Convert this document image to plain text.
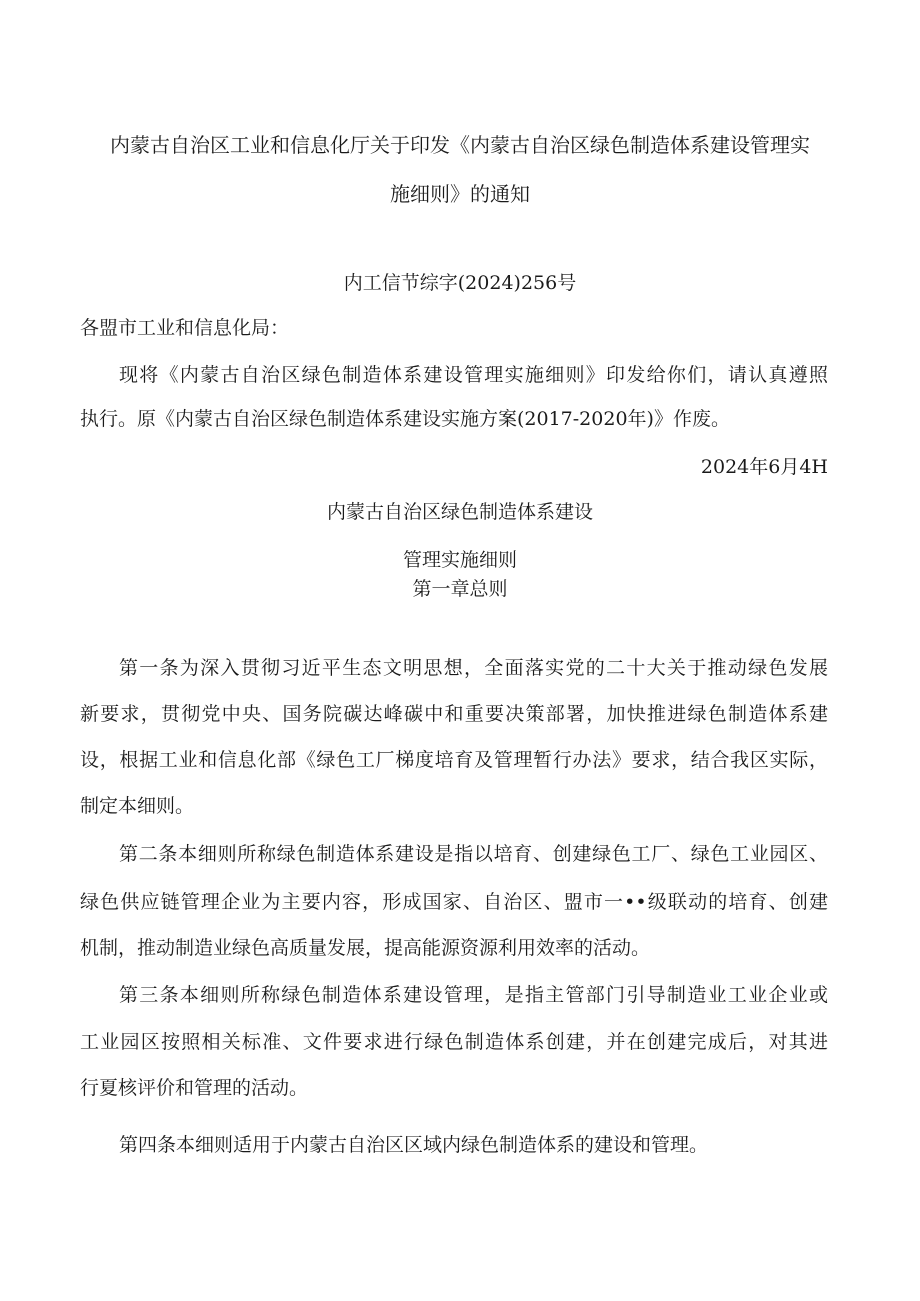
内蒙古自治区工业和信息化厅关于印发《内蒙古自治区绿色制造体系建设管理实
施细则》的通知
内工信节综字(2024)256号
各盟市工业和信息化局：
现将《内蒙古自治区绿色制造体系建设管理实施细则》印发给你们，请认真遵照
执行。原《内蒙古自治区绿色制造体系建设实施方案(2017-2020年)》作废。
2024年6月4H
内蒙古自治区绿色制造体系建设
管理实施细则
第一章总则
第一条为深入贯彻习近平生态文明思想，全面落实党的二十大关于推动绿色发展
新要求，贯彻党中央、国务院碳达峰碳中和重要决策部署，加快推进绿色制造体系建
设，根据工业和信息化部《绿色工厂梯度培育及管理暂行办法》要求，结合我区实际，
制定本细则。
第二条本细则所称绿色制造体系建设是指以培育、创建绿色工厂、绿色工业园区、
绿色供应链管理企业为主要内容，形成国家、自治区、盟市一••级联动的培育、创建
机制，推动制造业绿色高质量发展，提高能源资源利用效率的活动。
第三条本细则所称绿色制造体系建设管理，是指主管部门引导制造业工业企业或
工业园区按照相关标准、文件要求进行绿色制造体系创建，并在创建完成后，对其进
行夏核评价和管理的活动。
第四条本细则适用于内蒙古自治区区域内绿色制造体系的建设和管理。
